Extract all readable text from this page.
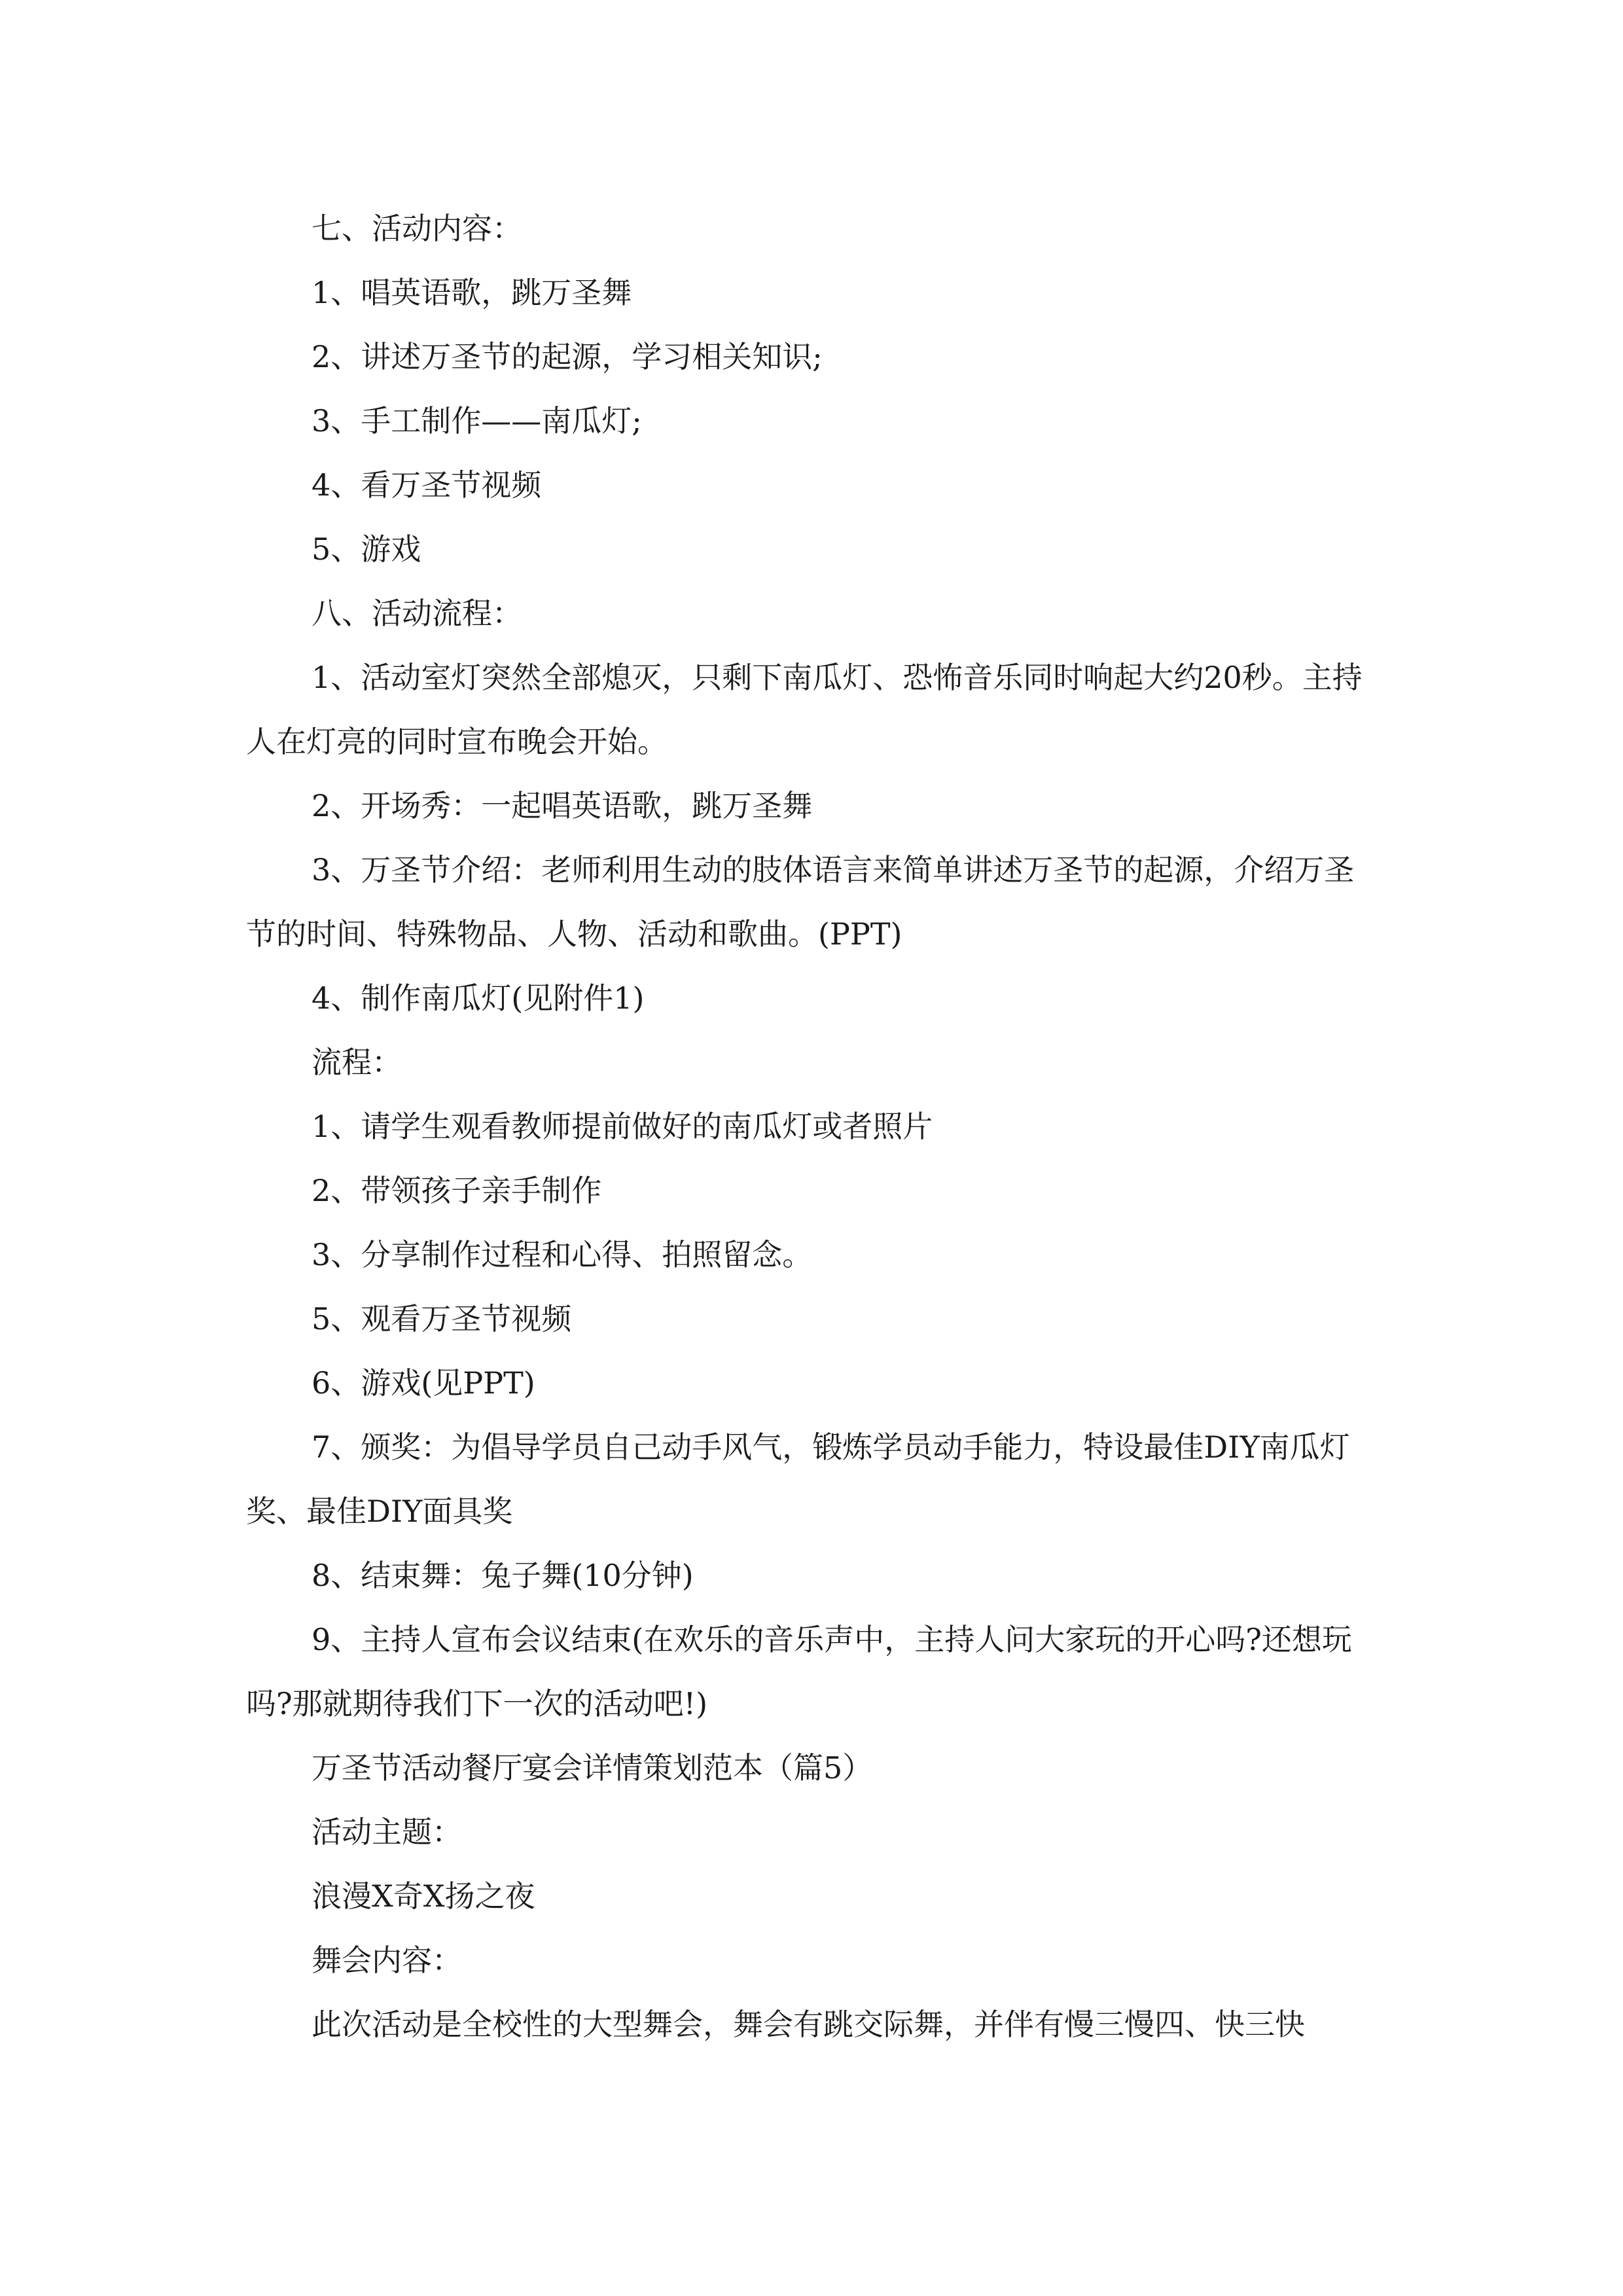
七、活动内容：

1、唱英语歌，跳万圣舞

2、讲述万圣节的起源，学习相关知识;

3、手工制作——南瓜灯;

4、看万圣节视频

5、游戏

八、活动流程：

1、活动室灯突然全部熄灭，只剩下南瓜灯、恐怖音乐同时响起大约20秒。主持人在灯亮的同时宣布晚会开始。

2、开场秀：一起唱英语歌，跳万圣舞

3、万圣节介绍：老师利用生动的肢体语言来简单讲述万圣节的起源，介绍万圣节的时间、特殊物品、人物、活动和歌曲。(PPT)

4、制作南瓜灯(见附件1)

流程：

1、请学生观看教师提前做好的南瓜灯或者照片

2、带领孩子亲手制作

3、分享制作过程和心得、拍照留念。

5、观看万圣节视频

6、游戏(见PPT)

7、颁奖：为倡导学员自己动手风气，锻炼学员动手能力，特设最佳DIY南瓜灯奖、最佳DIY面具奖

8、结束舞：兔子舞(10分钟)

9、主持人宣布会议结束(在欢乐的音乐声中，主持人问大家玩的开心吗?还想玩吗?那就期待我们下一次的活动吧!)

万圣节活动餐厅宴会详情策划范本（篇5）

活动主题：

浪漫X奇X扬之夜

舞会内容：

此次活动是全校性的大型舞会，舞会有跳交际舞，并伴有慢三慢四、快三快
